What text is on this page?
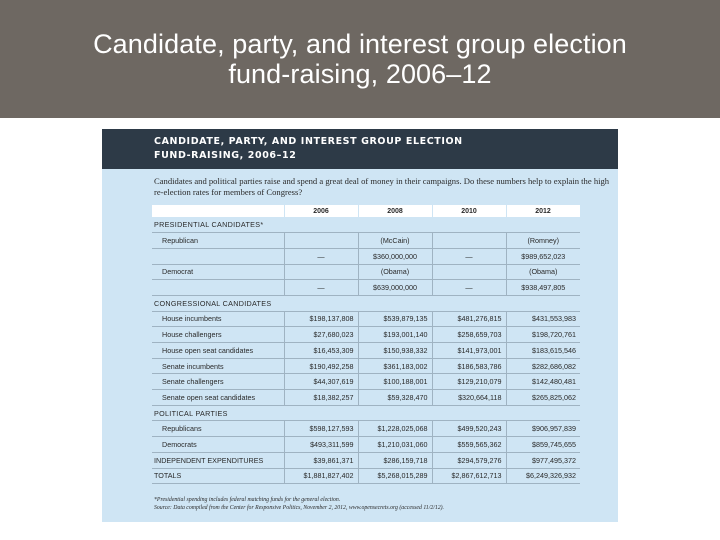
Candidate, party, and interest group election
fund-raising, 2006–12
CANDIDATE, PARTY, AND INTEREST GROUP ELECTION
FUND-RAISING, 2006–12
Candidates and political parties raise and spend a great deal of money in their campaigns. Do these numbers help to explain the high re-election rates for members of Congress?
	2006	2008	2010	2012
PRESIDENTIAL CANDIDATES*				
Republican		(McCain)		(Romney)
	—	$360,000,000	—	$989,652,023
Democrat		(Obama)		(Obama)
	—	$639,000,000	—	$938,497,805
CONGRESSIONAL CANDIDATES				
House incumbents	$198,137,808	$539,879,135	$481,276,815	$431,553,983
House challengers	$27,680,023	$193,001,140	$258,659,703	$198,720,761
House open seat candidates	$16,453,309	$150,938,332	$141,973,001	$183,615,546
Senate incumbents	$190,492,258	$361,183,002	$186,583,786	$282,686,082
Senate challengers	$44,307,619	$100,188,001	$129,210,079	$142,480,481
Senate open seat candidates	$18,382,257	$59,328,470	$320,664,118	$265,825,062
POLITICAL PARTIES				
Republicans	$598,127,593	$1,228,025,068	$499,520,243	$906,957,839
Democrats	$493,311,599	$1,210,031,060	$559,565,362	$859,745,655
INDEPENDENT EXPENDITURES	$39,861,371	$286,159,718	$294,579,276	$977,495,372
TOTALS	$1,881,827,402	$5,268,015,289	$2,867,612,713	$6,249,326,932
*Presidential spending includes federal matching funds for the general election.
Source: Data compiled from the Center for Responsive Politics, November 2, 2012, www.opensecrets.org (accessed 11/2/12).
